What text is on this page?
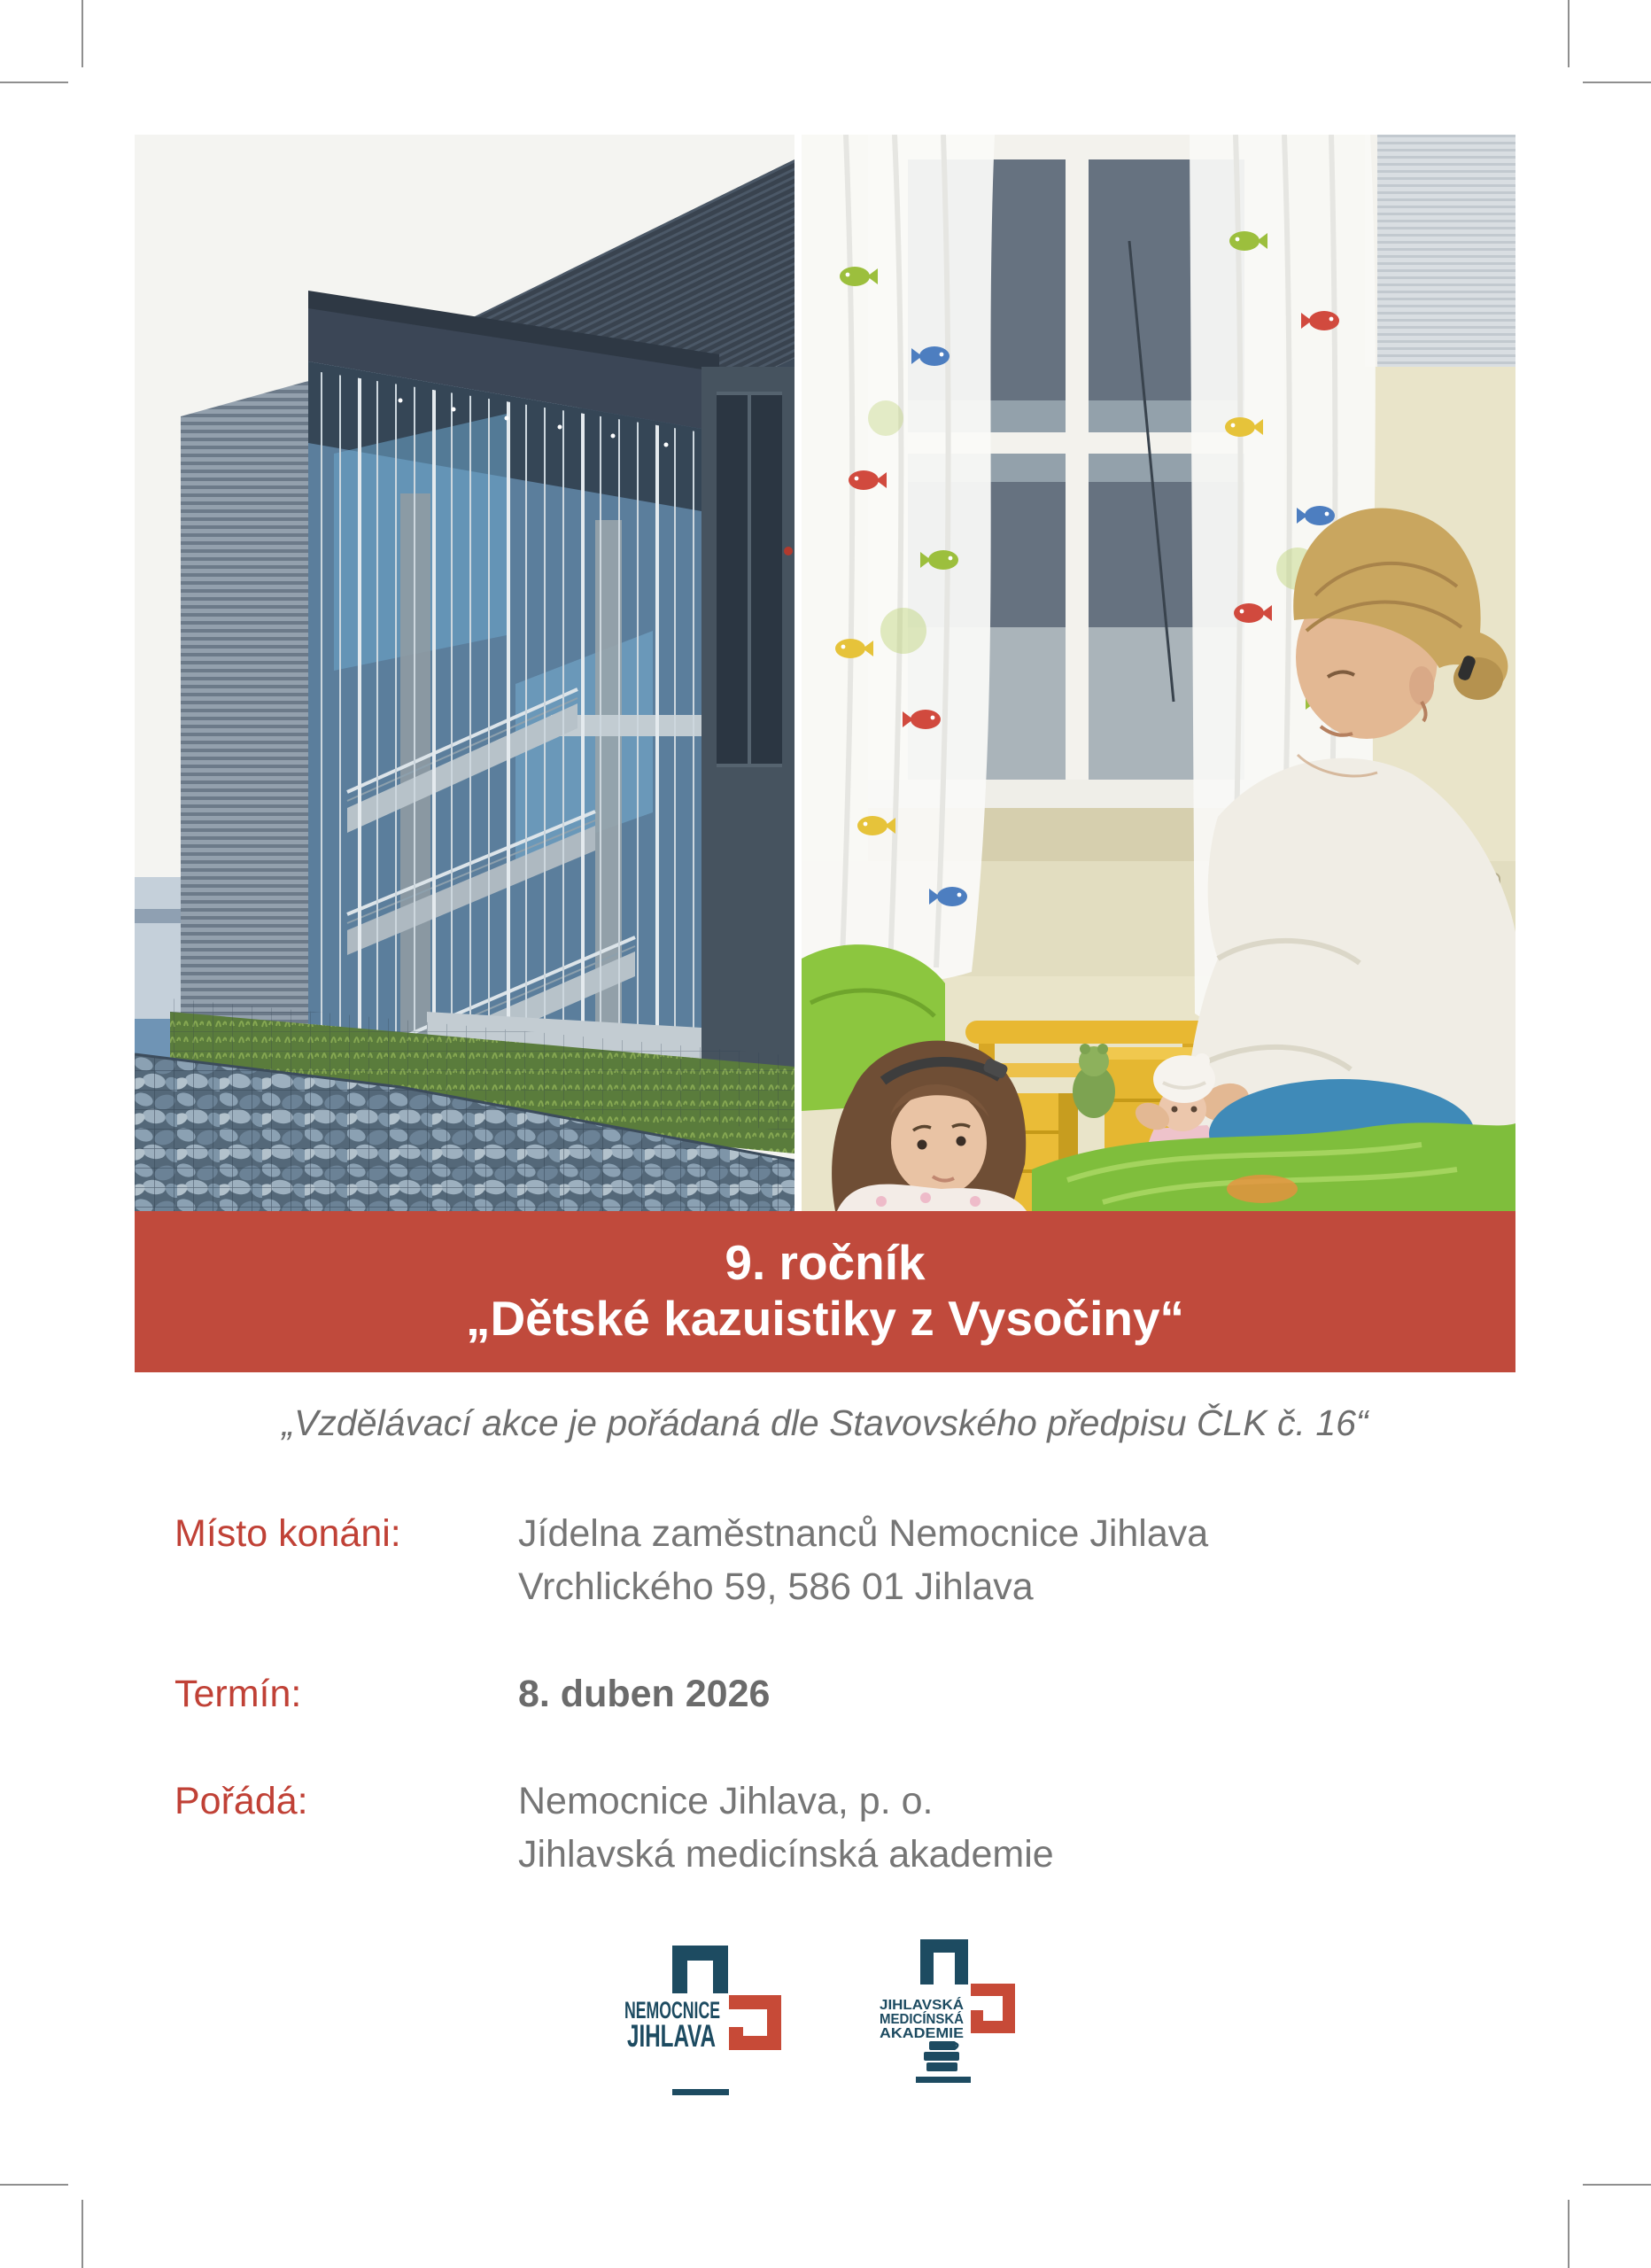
9. ročník
„Dětské kazuistiky z Vysočiny“
„Vzdělávací akce je pořádaná dle Stavovského předpisu ČLK č. 16“
Místo konáni:	Jídelna zaměstnanců Nemocnice Jihlava
Vrchlického 59, 586 01 Jihlava
Termín:	8. duben 2026
Pořádá:	Nemocnice Jihlava, p. o.
Jihlavská medicínská akademie
NEMOCNICE
JIHLAVA
JIHLAVSKÁ
MEDICÍNSKÁ
AKADEMIE
